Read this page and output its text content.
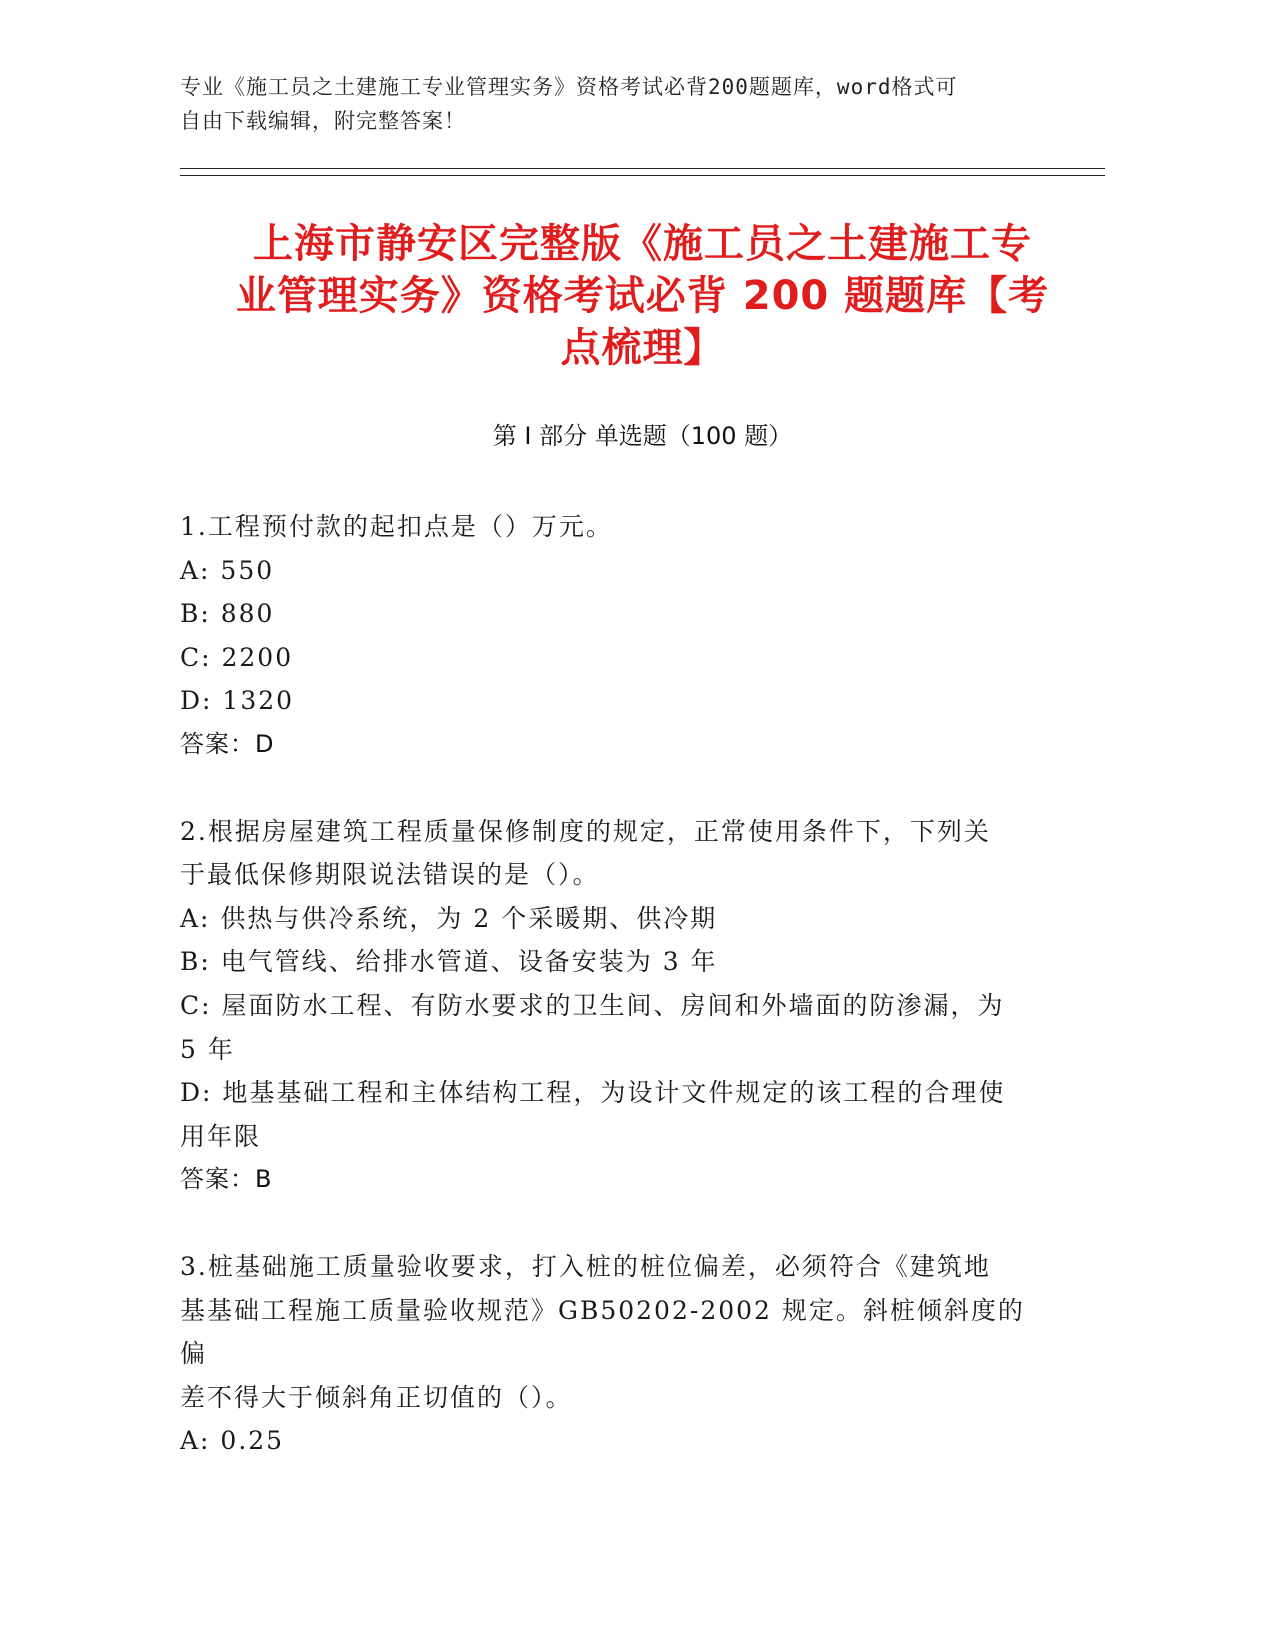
专业《施工员之土建施工专业管理实务》资格考试必背200题题库，word格式可
自由下载编辑，附完整答案！
上海市静安区完整版《施工员之土建施工专
业管理实务》资格考试必背 200 题题库【考
点梳理】
第 I 部分 单选题（100 题）
1.工程预付款的起扣点是（）万元。
A: 550
B: 880
C: 2200
D: 1320
答案：D
2.根据房屋建筑工程质量保修制度的规定，正常使用条件下，下列关
于最低保修期限说法错误的是（）。
A: 供热与供冷系统，为 2 个采暖期、供冷期
B: 电气管线、给排水管道、设备安装为 3 年
C: 屋面防水工程、有防水要求的卫生间、房间和外墙面的防渗漏，为
5 年
D: 地基基础工程和主体结构工程，为设计文件规定的该工程的合理使
用年限
答案：B
3.桩基础施工质量验收要求，打入桩的桩位偏差，必须符合《建筑地
基基础工程施工质量验收规范》GB50202-2002 规定。斜桩倾斜度的偏
差不得大于倾斜角正切值的（）。
A: 0.25
